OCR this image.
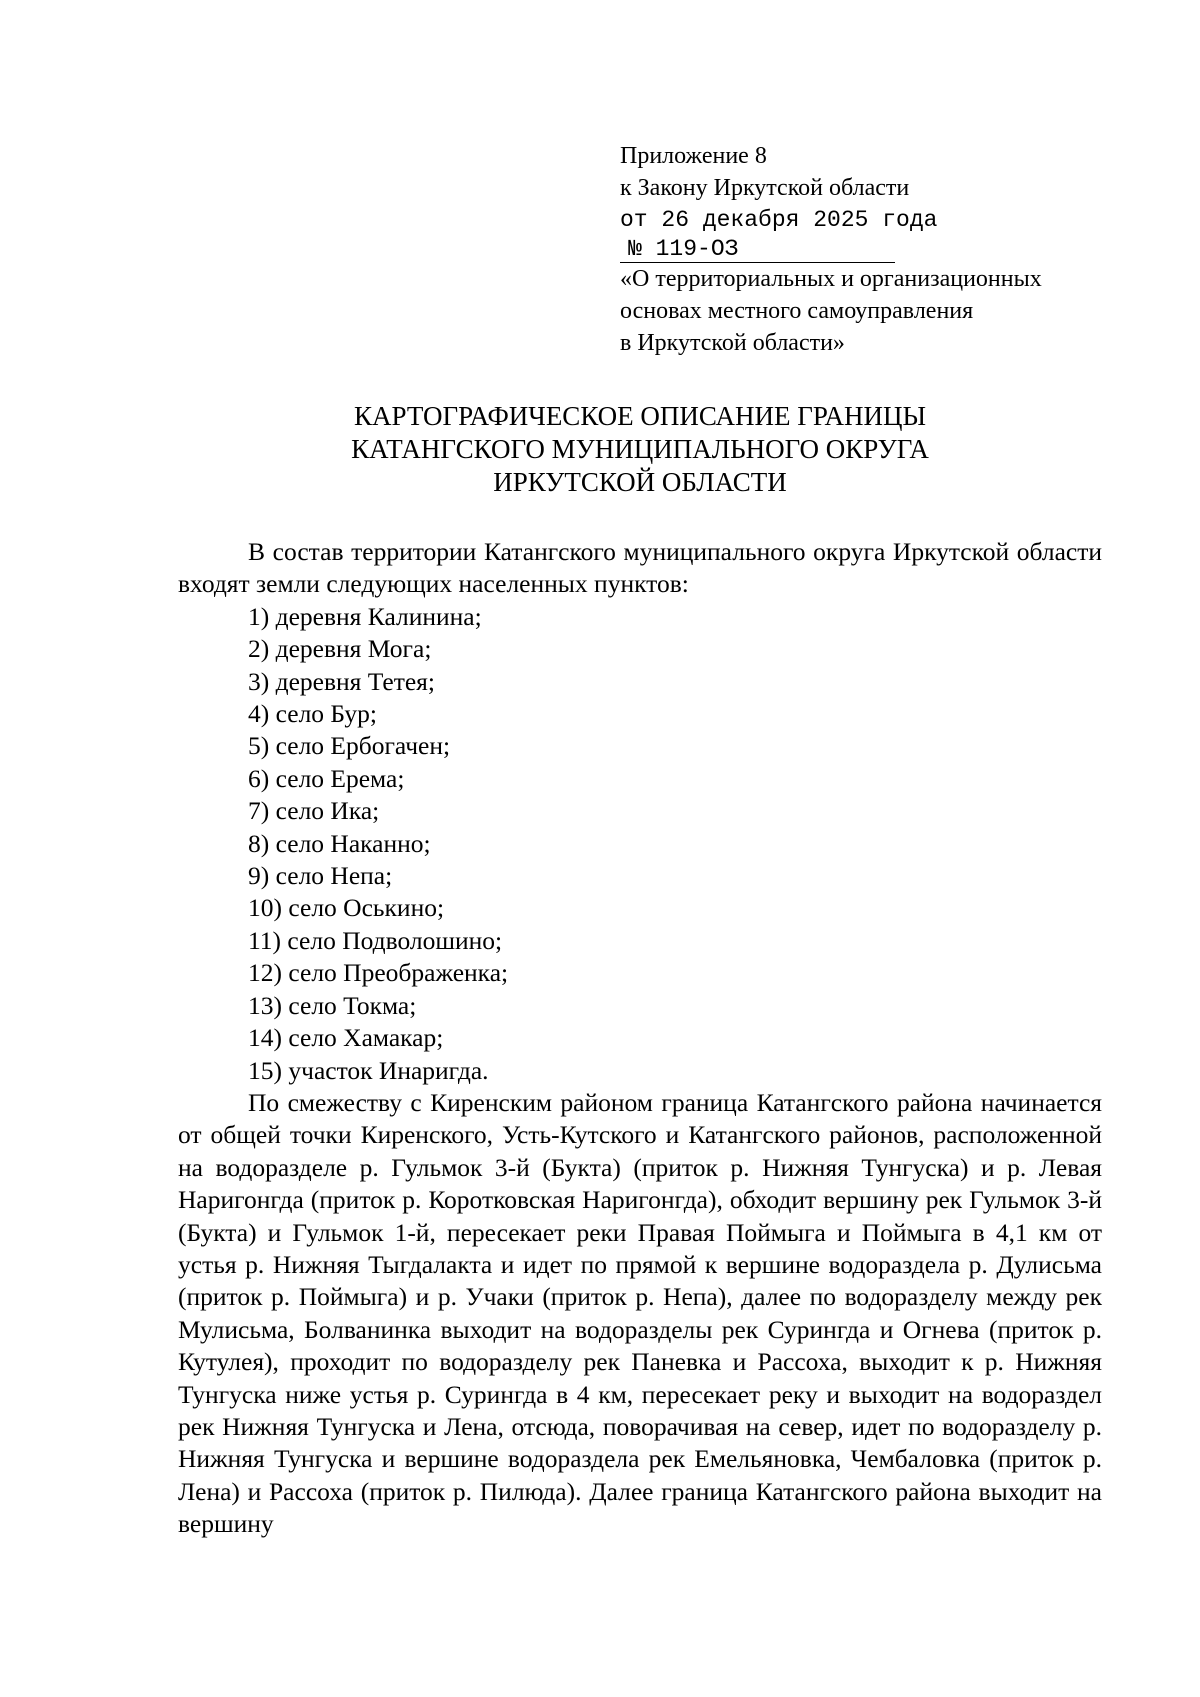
Приложение 8
к Закону Иркутской области
от 26 декабря 2025 года
№ 119-ОЗ
«О территориальных и организационных
основах местного самоуправления
в Иркутской области»
КАРТОГРАФИЧЕСКОЕ ОПИСАНИЕ ГРАНИЦЫ
КАТАНГСКОГО МУНИЦИПАЛЬНОГО ОКРУГА
ИРКУТСКОЙ ОБЛАСТИ

В состав территории Катангского муниципального округа Иркутской области входят земли следующих населенных пунктов:

1) деревня Калинина;
2) деревня Мога;
3) деревня Тетея;
4) село Бур;
5) село Ербогачен;
6) село Ерема;
7) село Ика;
8) село Наканно;
9) село Непа;
10) село Оськино;
11) село Подволошино;
12) село Преображенка;
13) село Токма;
14) село Хамакар;
15) участок Инаригда.

По смежеству с Киренским районом граница Катангского района начинается от общей точки Киренского, Усть-Кутского и Катангского районов, расположенной на водоразделе р. Гульмок 3-й (Букта) (приток р. Нижняя Тунгуска) и р. Левая Наригонгда (приток р. Коротковская Наригонгда), обходит вершину рек Гульмок 3-й (Букта) и Гульмок 1-й, пересекает реки Правая Поймыга и Поймыга в 4,1 км от устья р. Нижняя Тыгдалакта и идет по прямой к вершине водораздела р. Дулисьма (приток р. Поймыга) и р. Учаки (приток р. Непа), далее по водоразделу между рек Мулисьма, Болванинка выходит на водоразделы рек Сурингда и Огнева (приток р. Кутулея), проходит по водоразделу рек Паневка и Рассоха, выходит к р. Нижняя Тунгуска ниже устья р. Сурингда в 4 км, пересекает реку и выходит на водораздел рек Нижняя Тунгуска и Лена, отсюда, поворачивая на север, идет по водоразделу р. Нижняя Тунгуска и вершине водораздела рек Емельяновка, Чембаловка (приток р. Лена) и Рассоха (приток р. Пилюда). Далее граница Катангского района выходит на вершину
